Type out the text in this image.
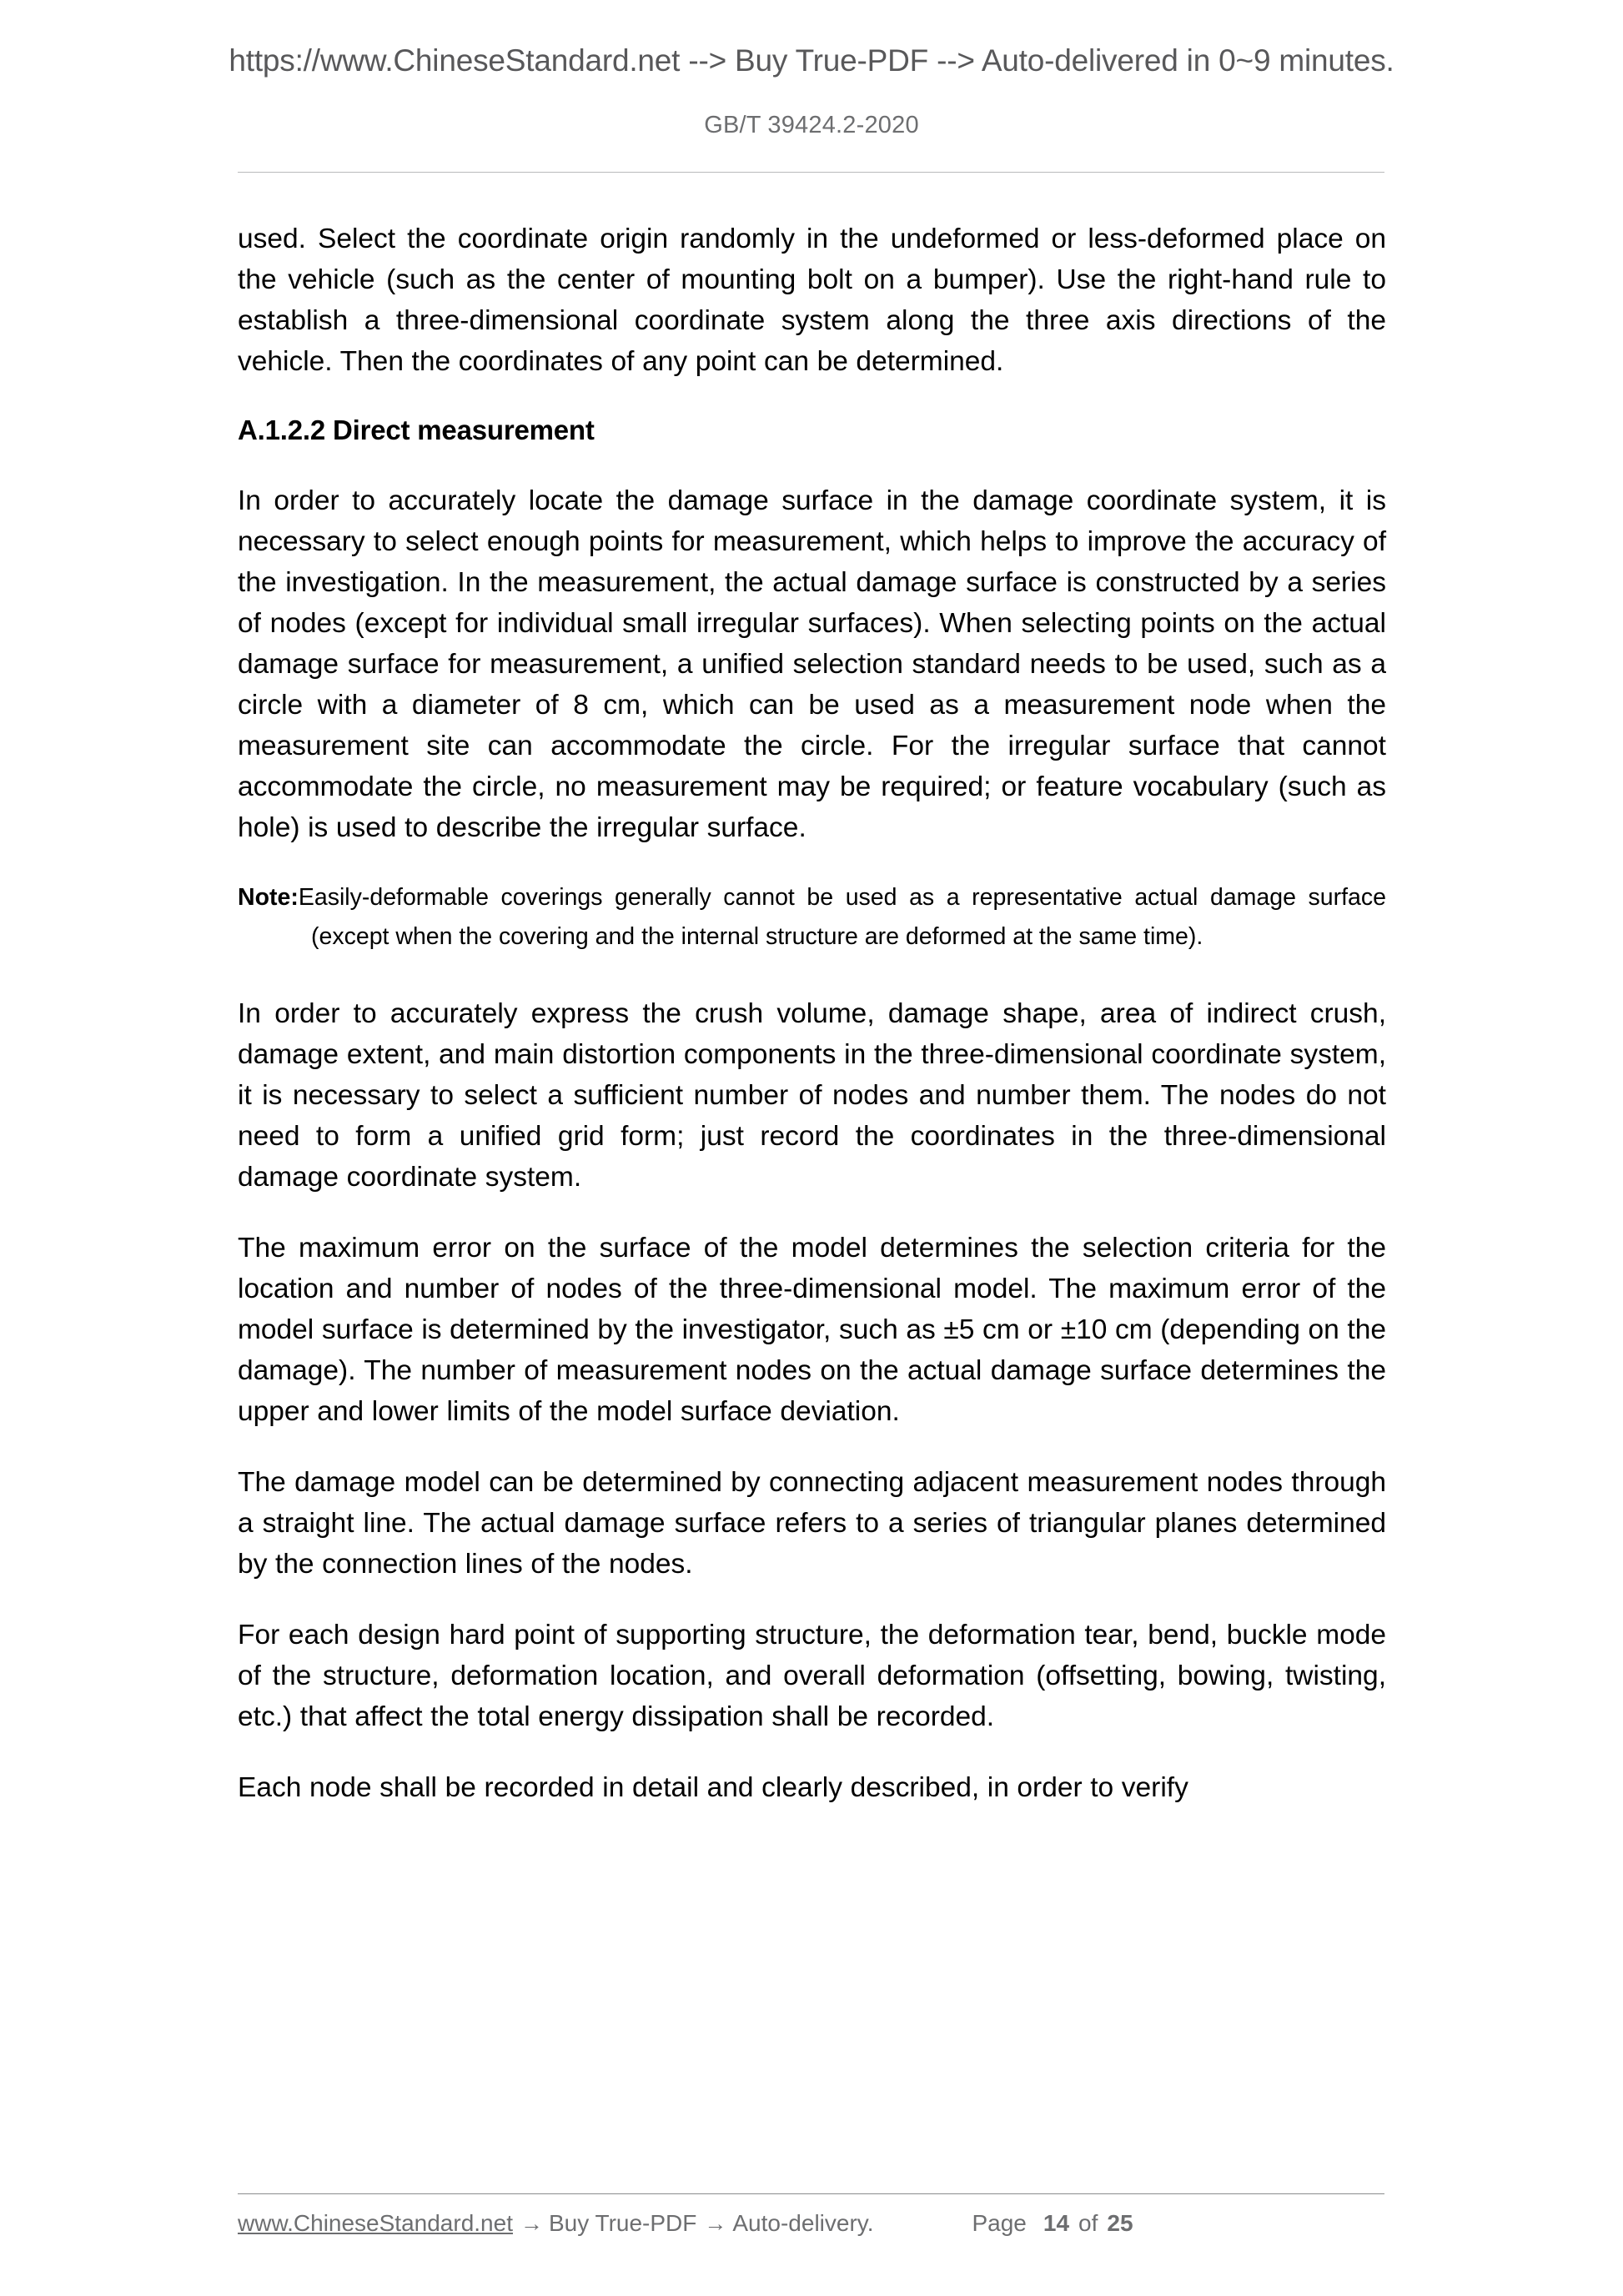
https://www.ChineseStandard.net --> Buy True-PDF --> Auto-delivered in 0~9 minutes.
GB/T 39424.2-2020

used. Select the coordinate origin randomly in the undeformed or less-deformed place on the vehicle (such as the center of mounting bolt on a bumper). Use the right-hand rule to establish a three-dimensional coordinate system along the three axis directions of the vehicle. Then the coordinates of any point can be determined.

A.1.2.2 Direct measurement

In order to accurately locate the damage surface in the damage coordinate system, it is necessary to select enough points for measurement, which helps to improve the accuracy of the investigation. In the measurement, the actual damage surface is constructed by a series of nodes (except for individual small irregular surfaces). When selecting points on the actual damage surface for measurement, a unified selection standard needs to be used, such as a circle with a diameter of 8 cm, which can be used as a measurement node when the measurement site can accommodate the circle. For the irregular surface that cannot accommodate the circle, no measurement may be required; or feature vocabulary (such as hole) is used to describe the irregular surface.

Note:Easily-deformable coverings generally cannot be used as a representative actual damage surface (except when the covering and the internal structure are deformed at the same time).

In order to accurately express the crush volume, damage shape, area of indirect crush, damage extent, and main distortion components in the three-dimensional coordinate system, it is necessary to select a sufficient number of nodes and number them. The nodes do not need to form a unified grid form; just record the coordinates in the three-dimensional damage coordinate system.

The maximum error on the surface of the model determines the selection criteria for the location and number of nodes of the three-dimensional model. The maximum error of the model surface is determined by the investigator, such as ±5 cm or ±10 cm (depending on the damage). The number of measurement nodes on the actual damage surface determines the upper and lower limits of the model surface deviation.

The damage model can be determined by connecting adjacent measurement nodes through a straight line. The actual damage surface refers to a series of triangular planes determined by the connection lines of the nodes.

For each design hard point of supporting structure, the deformation tear, bend, buckle mode of the structure, deformation location, and overall deformation (offsetting, bowing, twisting, etc.) that affect the total energy dissipation shall be recorded.

Each node shall be recorded in detail and clearly described, in order to verify

www.ChineseStandard.net → Buy True-PDF → Auto-delivery.	Page 14 of 25
